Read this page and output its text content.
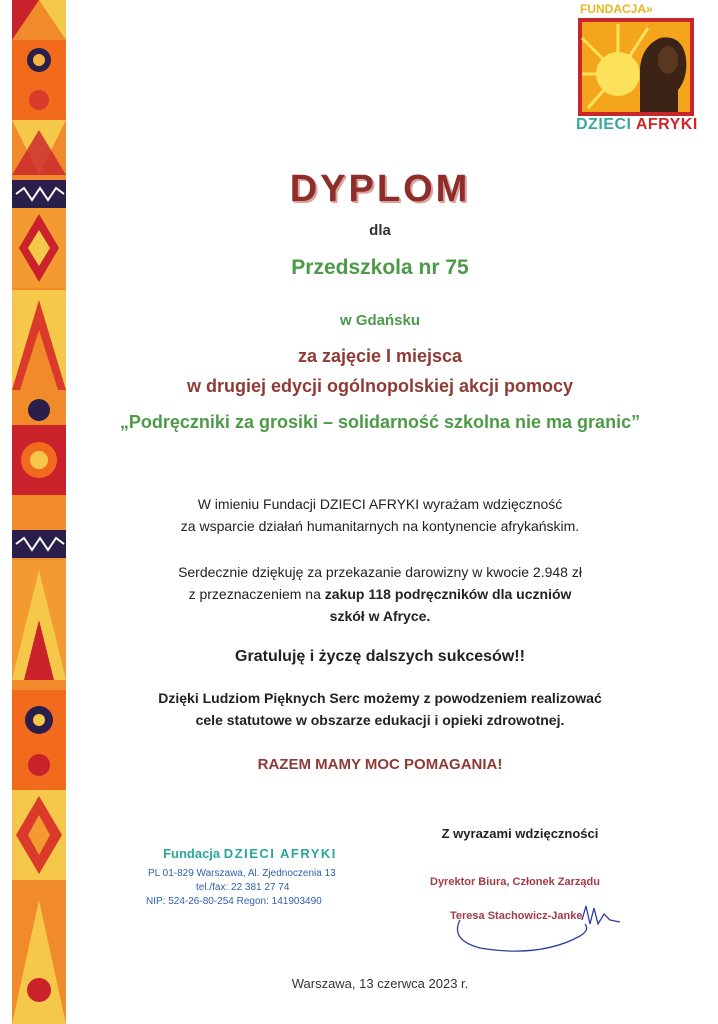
FUNDACJA»
DZIECI AFRYKI
DYPLOM
dla
Przedszkola nr 75
w Gdańsku
za zajęcie I miejsca
w drugiej edycji ogólnopolskiej akcji pomocy
„Podręczniki za grosiki – solidarność szkolna nie ma granic”
W imieniu Fundacji DZIECI AFRYKI wyrażam wdzięczność
za wsparcie działań humanitarnych na kontynencie afrykańskim.
Serdecznie dziękuję za przekazanie darowizny w kwocie 2.948 zł
z przeznaczeniem na zakup 118 podręczników dla uczniów
szkół w Afryce.
Gratuluję i życzę dalszych sukcesów!!
Dzięki Ludziom Pięknych Serc możemy z powodzeniem realizować
cele statutowe w obszarze edukacji i opieki zdrowotnej.
RAZEM MAMY MOC POMAGANIA!
Fundacja DZIECI AFRYKI
PL 01-829 Warszawa, Al. Zjednoczenia 13
tel./fax: 22 381 27 74
NIP: 524-26-80-254 Regon: 141903490
Z wyrazami wdzięczności
Dyrektor Biura, Członek Zarządu
Teresa Stachowicz-Janke
Warszawa, 13 czerwca 2023 r.
